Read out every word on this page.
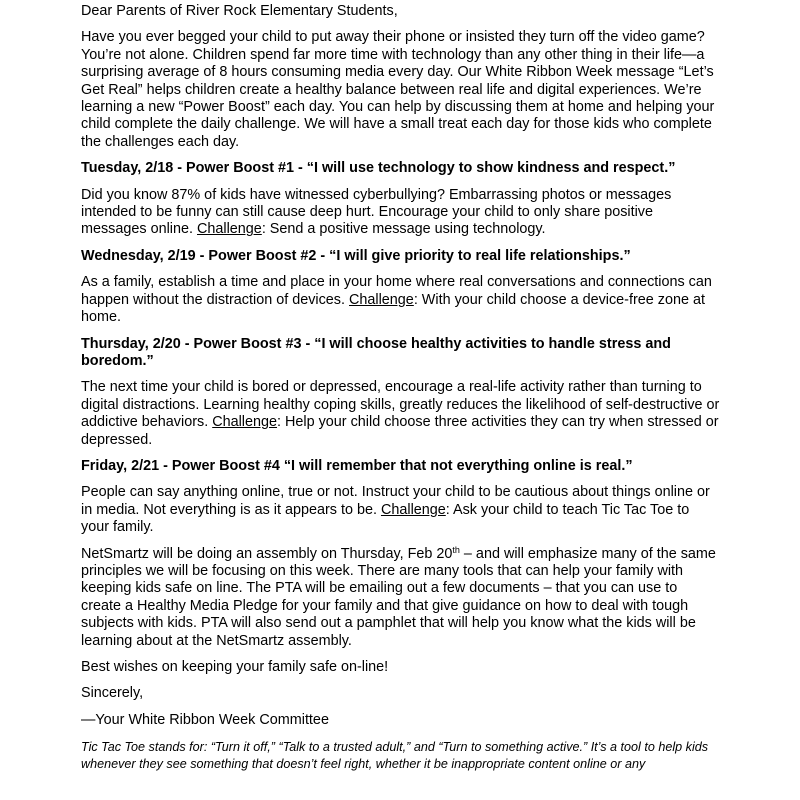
Dear Parents of River Rock Elementary Students,

Have you ever begged your child to put away their phone or insisted they turn off the video game? You’re not alone. Children spend far more time with technology than any other thing in their life—a surprising average of 8 hours consuming media every day. Our White Ribbon Week message “Let’s Get Real” helps children create a healthy balance between real life and digital experiences. We’re learning a new “Power Boost” each day. You can help by discussing them at home and helping your child complete the daily challenge. We will have a small treat each day for those kids who complete the challenges each day.

Tuesday, 2/18 - Power Boost #1 - “I will use technology to show kindness and respect.”

Did you know 87% of kids have witnessed cyberbullying? Embarrassing photos or messages intended to be funny can still cause deep hurt. Encourage your child to only share positive messages online. Challenge: Send a positive message using technology.

Wednesday, 2/19 - Power Boost #2 - “I will give priority to real life relationships.”

As a family, establish a time and place in your home where real conversations and connections can happen without the distraction of devices. Challenge: With your child choose a device-free zone at home.

Thursday, 2/20 - Power Boost #3 - “I will choose healthy activities to handle stress and boredom.”

The next time your child is bored or depressed, encourage a real-life activity rather than turning to digital distractions. Learning healthy coping skills, greatly reduces the likelihood of self-destructive or addictive behaviors. Challenge: Help your child choose three activities they can try when stressed or depressed.

Friday, 2/21 - Power Boost #4 “I will remember that not everything online is real.”

People can say anything online, true or not. Instruct your child to be cautious about things online or in media. Not everything is as it appears to be. Challenge: Ask your child to teach Tic Tac Toe to your family.

NetSmartz will be doing an assembly on Thursday, Feb 20th – and will emphasize many of the same principles we will be focusing on this week. There are many tools that can help your family with keeping kids safe on line. The PTA will be emailing out a few documents – that you can use to create a Healthy Media Pledge for your family and that give guidance on how to deal with tough subjects with kids. PTA will also send out a pamphlet that will help you know what the kids will be learning about at the NetSmartz assembly.

Best wishes on keeping your family safe on-line!

Sincerely,

—Your White Ribbon Week Committee

Tic Tac Toe stands for: “Turn it off,” “Talk to a trusted adult,” and “Turn to something active.” It’s a tool to help kids whenever they see something that doesn’t feel right, whether it be inappropriate content online or any
